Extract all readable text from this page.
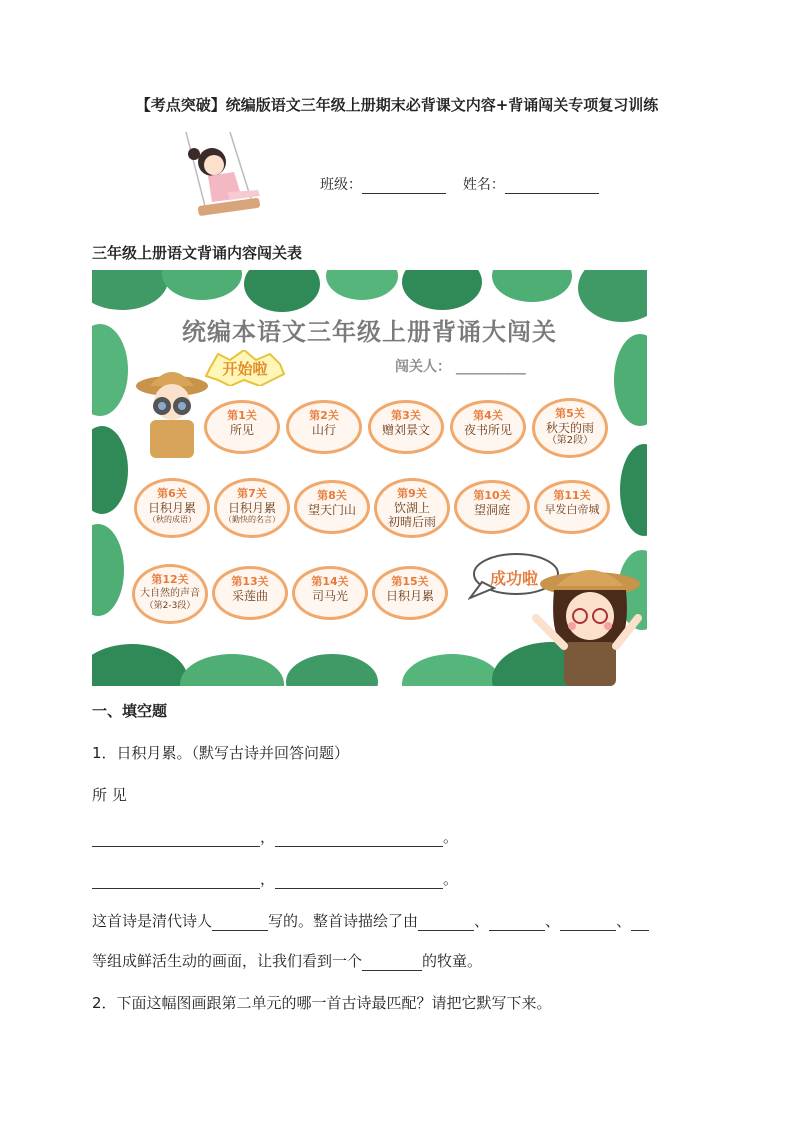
【考点突破】统编版语文三年级上册期末必背课文内容+背诵闯关专项复习训练
班级：	姓名：
三年级上册语文背诵内容闯关表
统编本语文三年级上册背诵大闯关
闯关人： __________
开始啦
第1关
所见
第2关
山行
第3关
赠刘景文
第4关
夜书所见
第5关
秋天的雨
（第2段）
第6关
日积月累
（秋的成语）
第7关
日积月累
（勤快的名言）
第8关
望天门山
第9关
饮湖上
初晴后雨
第10关
望洞庭
第11关
早发白帝城
第12关
大自然的声音
（第2-3段）
第13关
采莲曲
第14关
司马光
第15关
日积月累
成功啦
一、填空题
1．日积月累。（默写古诗并回答问题）
所 见
，	。
，	。
这首诗是清代诗人	写的。整首诗描绘了由	、	、	、
等组成鲜活生动的画面，让我们看到一个	的牧童。
2．下面这幅图画跟第二单元的哪一首古诗最匹配？请把它默写下来。
